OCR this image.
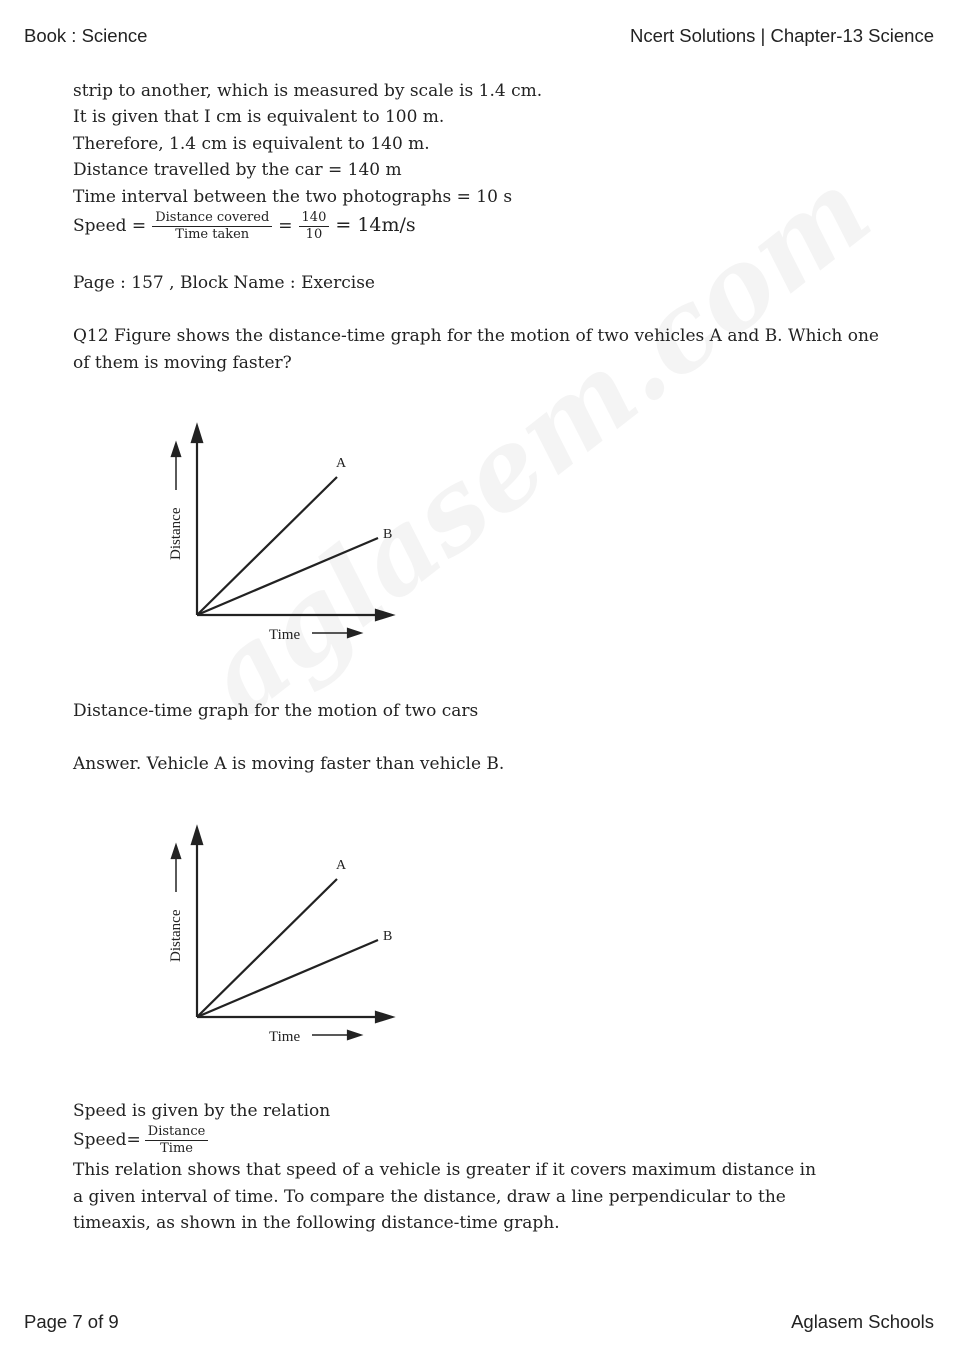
Book : Science	Ncert Solutions | Chapter-13 Science
strip to another, which is measured by scale is 1.4 cm.
It is given that I cm is equivalent to 100 m.
Therefore, 1.4 cm is equivalent to 140 m.
Distance travelled by the car = 140 m
Time interval between the two photographs = 10 s
Speed = $\frac{\text{Distance covered}}{\text{Time taken}} = \frac{140}{10} = 14m/s$
Page : 157 , Block Name : Exercise
Q12 Figure shows the distance-time graph for the motion of two vehicles A and B. Which one
of them is moving faster?
A
B
Time
Distance
Distance-time graph for the motion of two cars
Answer. Vehicle A is moving faster than vehicle B.
A
B
Time
Distance
Speed is given by the relation
Speed= $\frac{\text{Distance}}{\text{Time}}$
This relation shows that speed of a vehicle is greater if it covers maximum distance in
a given interval of time. To compare the distance, draw a line perpendicular to the
timeaxis, as shown in the following distance-time graph.
Page 7 of 9	Aglasem Schools
